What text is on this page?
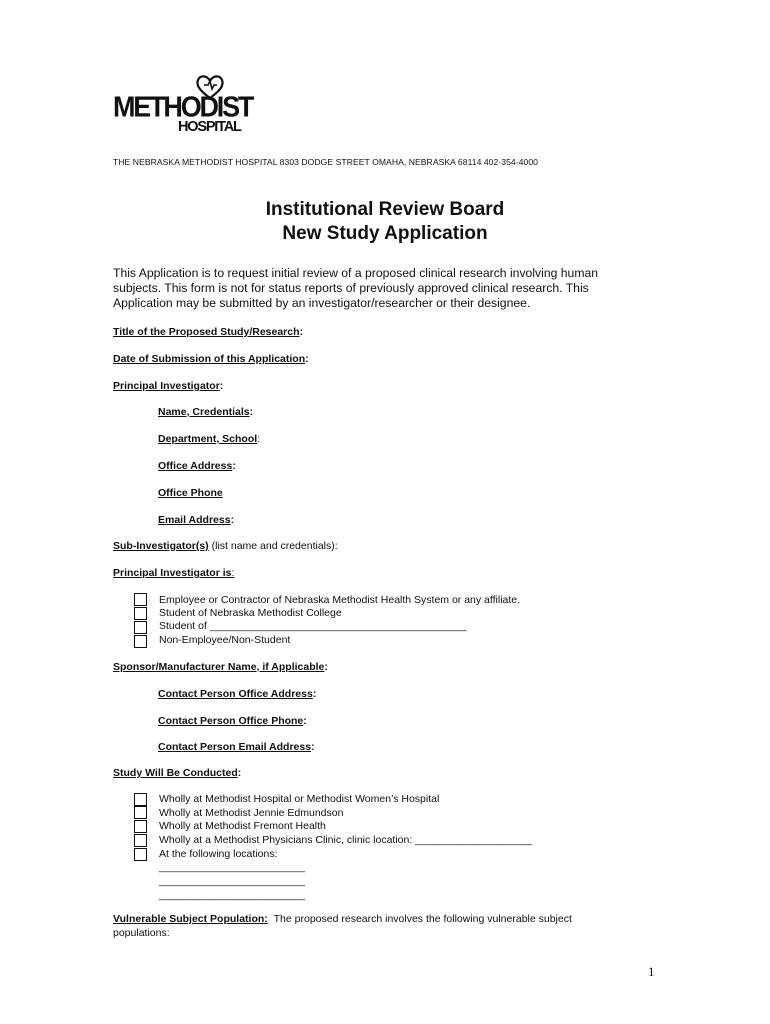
METHODIST
HOSPITAL
THE NEBRASKA METHODIST HOSPITAL 8303 DODGE STREET OMAHA, NEBRASKA 68114 402-354-4000
Institutional Review Board
New Study Application
This Application is to request initial review of a proposed clinical research involving human subjects. This form is not for status reports of previously approved clinical research. This Application may be submitted by an investigator/researcher or their designee.
Title of the Proposed Study/Research:
Date of Submission of this Application:
Principal Investigator:
Name, Credentials:
Department, School:
Office Address:
Office Phone
Email Address:
Sub-Investigator(s) (list name and credentials):
Principal Investigator is:
Employee or Contractor of Nebraska Methodist Health System or any affiliate.
Student of Nebraska Methodist College
Student of ____________________________________________
Non-Employee/Non-Student
Sponsor/Manufacturer Name, if Applicable:
Contact Person Office Address:
Contact Person Office Phone:
Contact Person Email Address:
Study Will Be Conducted:
Wholly at Methodist Hospital or Methodist Women’s Hospital
Wholly at Methodist Jennie Edmundson
Wholly at Methodist Fremont Health
Wholly at a Methodist Physicians Clinic, clinic location: ____________________
At the following locations:
_________________________
_________________________
_________________________
Vulnerable Subject Population: The proposed research involves the following vulnerable subject
populations:
1
